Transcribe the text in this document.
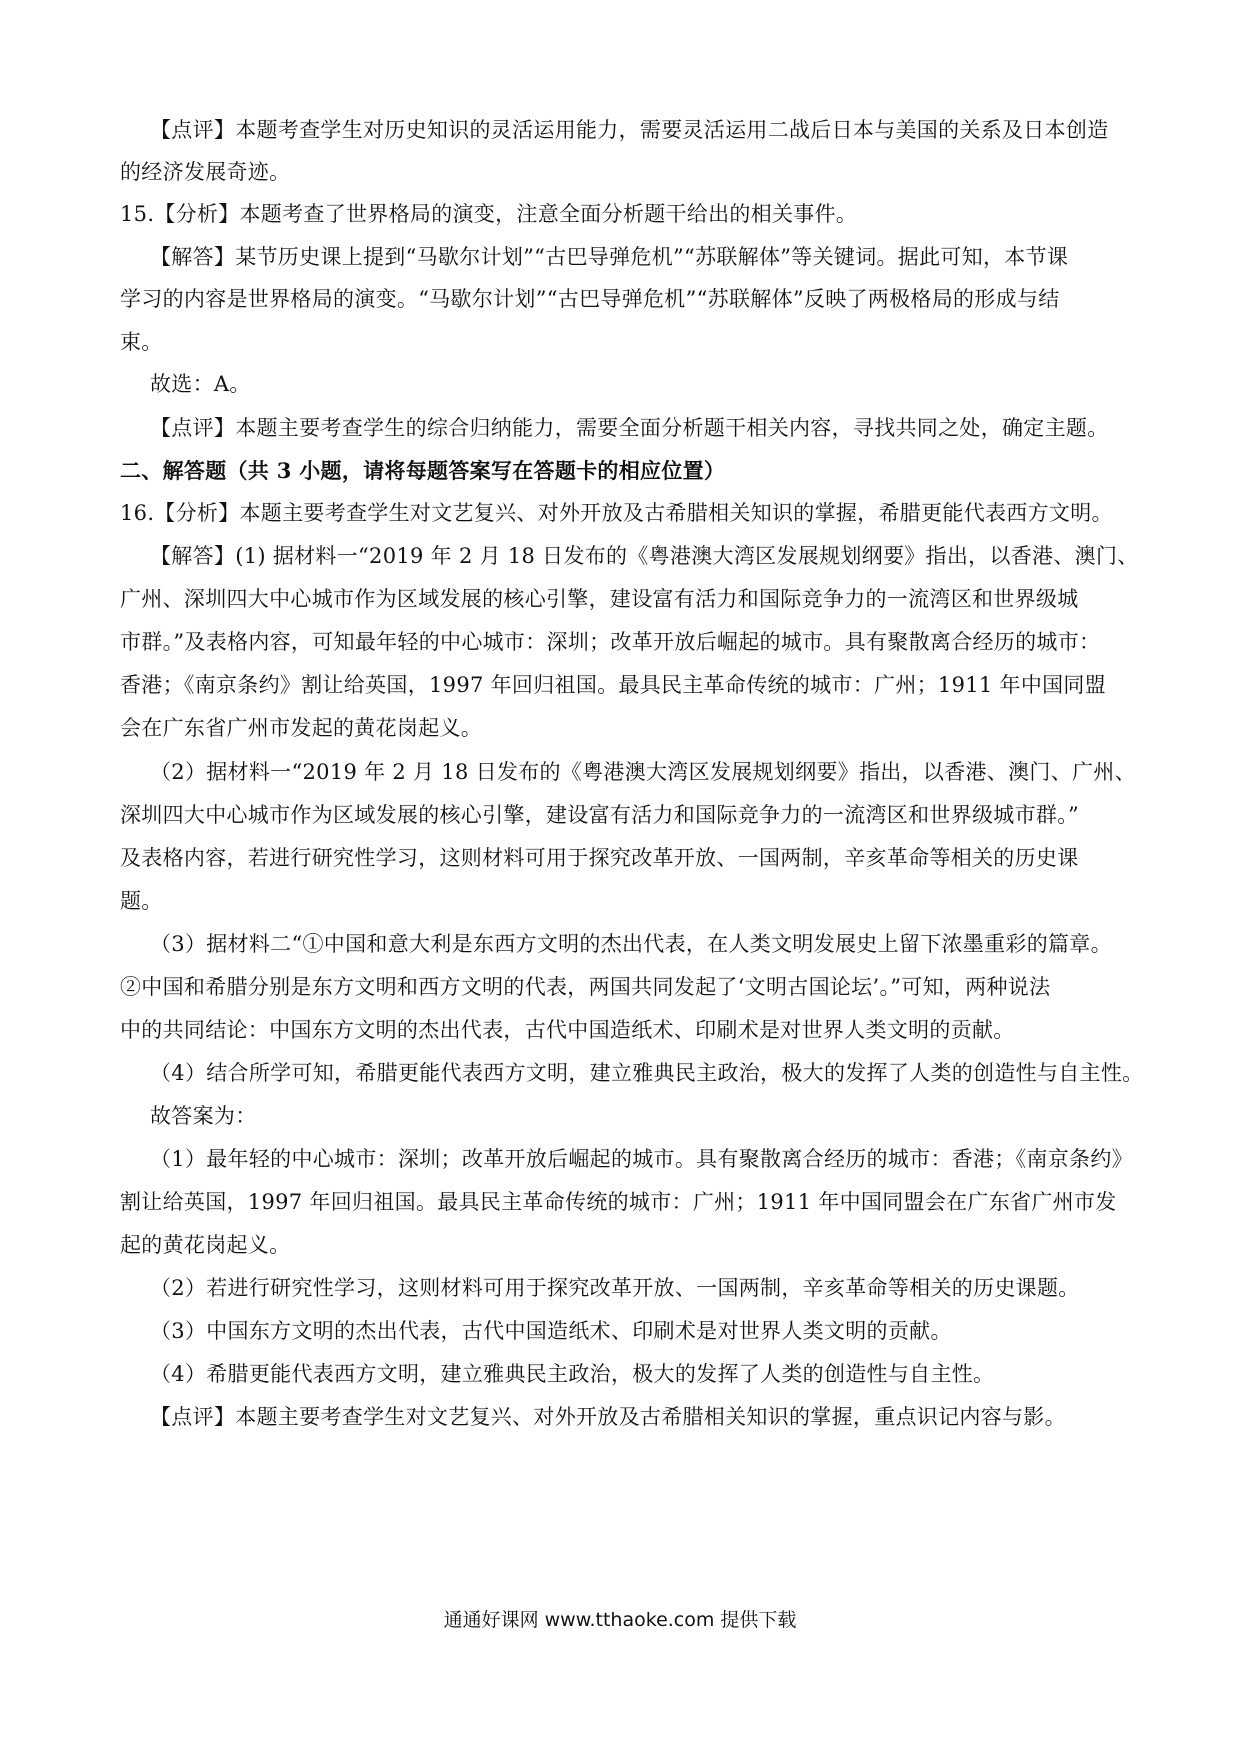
【点评】本题考查学生对历史知识的灵活运用能力，需要灵活运用二战后日本与美国的关系及日本创造
的经济发展奇迹。
15.【分析】本题考查了世界格局的演变，注意全面分析题干给出的相关事件。
【解答】某节历史课上提到“马歇尔计划”“古巴导弹危机”“苏联解体”等关键词。据此可知，本节课
学习的内容是世界格局的演变。“马歇尔计划”“古巴导弹危机”“苏联解体”反映了两极格局的形成与结
束。
故选：A。
【点评】本题主要考查学生的综合归纳能力，需要全面分析题干相关内容，寻找共同之处，确定主题。
二、解答题（共 3 小题，请将每题答案写在答题卡的相应位置）
16.【分析】本题主要考查学生对文艺复兴、对外开放及古希腊相关知识的掌握，希腊更能代表西方文明。
【解答】(1) 据材料一“2019 年 2 月 18 日发布的《粤港澳大湾区发展规划纲要》指出，以香港、澳门、
广州、深圳四大中心城市作为区域发展的核心引擎，建设富有活力和国际竞争力的一流湾区和世界级城
市群。”及表格内容，可知最年轻的中心城市：深圳；改革开放后崛起的城市。具有聚散离合经历的城市：
香港；《南京条约》割让给英国，1997 年回归祖国。最具民主革命传统的城市：广州；1911 年中国同盟
会在广东省广州市发起的黄花岗起义。
（2）据材料一“2019 年 2 月 18 日发布的《粤港澳大湾区发展规划纲要》指出，以香港、澳门、广州、
深圳四大中心城市作为区域发展的核心引擎，建设富有活力和国际竞争力的一流湾区和世界级城市群。”
及表格内容，若进行研究性学习，这则材料可用于探究改革开放、一国两制，辛亥革命等相关的历史课
题。
（3）据材料二“①中国和意大利是东西方文明的杰出代表，在人类文明发展史上留下浓墨重彩的篇章。
②中国和希腊分别是东方文明和西方文明的代表，两国共同发起了‘文明古国论坛’。”可知，两种说法
中的共同结论：中国东方文明的杰出代表，古代中国造纸术、印刷术是对世界人类文明的贡献。
（4）结合所学可知，希腊更能代表西方文明，建立雅典民主政治，极大的发挥了人类的创造性与自主性。
故答案为：
（1）最年轻的中心城市：深圳；改革开放后崛起的城市。具有聚散离合经历的城市：香港；《南京条约》
割让给英国，1997 年回归祖国。最具民主革命传统的城市：广州；1911 年中国同盟会在广东省广州市发
起的黄花岗起义。
（2）若进行研究性学习，这则材料可用于探究改革开放、一国两制，辛亥革命等相关的历史课题。
（3）中国东方文明的杰出代表，古代中国造纸术、印刷术是对世界人类文明的贡献。
（4）希腊更能代表西方文明，建立雅典民主政治，极大的发挥了人类的创造性与自主性。
【点评】本题主要考查学生对文艺复兴、对外开放及古希腊相关知识的掌握，重点识记内容与影。
通通好课网 www.tthaoke.com 提供下载
